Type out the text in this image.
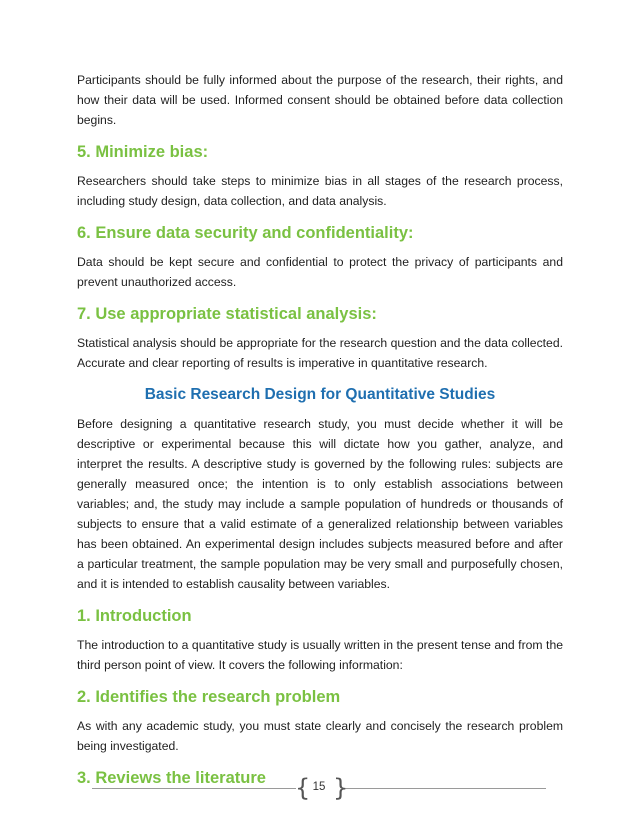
Participants should be fully informed about the purpose of the research, their rights, and how their data will be used. Informed consent should be obtained before data collection begins.

5. Minimize bias:

Researchers should take steps to minimize bias in all stages of the research process, including study design, data collection, and data analysis.

6. Ensure data security and confidentiality:

Data should be kept secure and confidential to protect the privacy of participants and prevent unauthorized access.

7. Use appropriate statistical analysis:

Statistical analysis should be appropriate for the research question and the data collected. Accurate and clear reporting of results is imperative in quantitative research.

Basic Research Design for Quantitative Studies

Before designing a quantitative research study, you must decide whether it will be descriptive or experimental because this will dictate how you gather, analyze, and interpret the results. A descriptive study is governed by the following rules: subjects are generally measured once; the intention is to only establish associations between variables; and, the study may include a sample population of hundreds or thousands of subjects to ensure that a valid estimate of a generalized relationship between variables has been obtained. An experimental design includes subjects measured before and after a particular treatment, the sample population may be very small and purposefully chosen, and it is intended to establish causality between variables.

1. Introduction

The introduction to a quantitative study is usually written in the present tense and from the third person point of view. It covers the following information:

2. Identifies the research problem

As with any academic study, you must state clearly and concisely the research problem being investigated.

3. Reviews the literature	{ 15 }
